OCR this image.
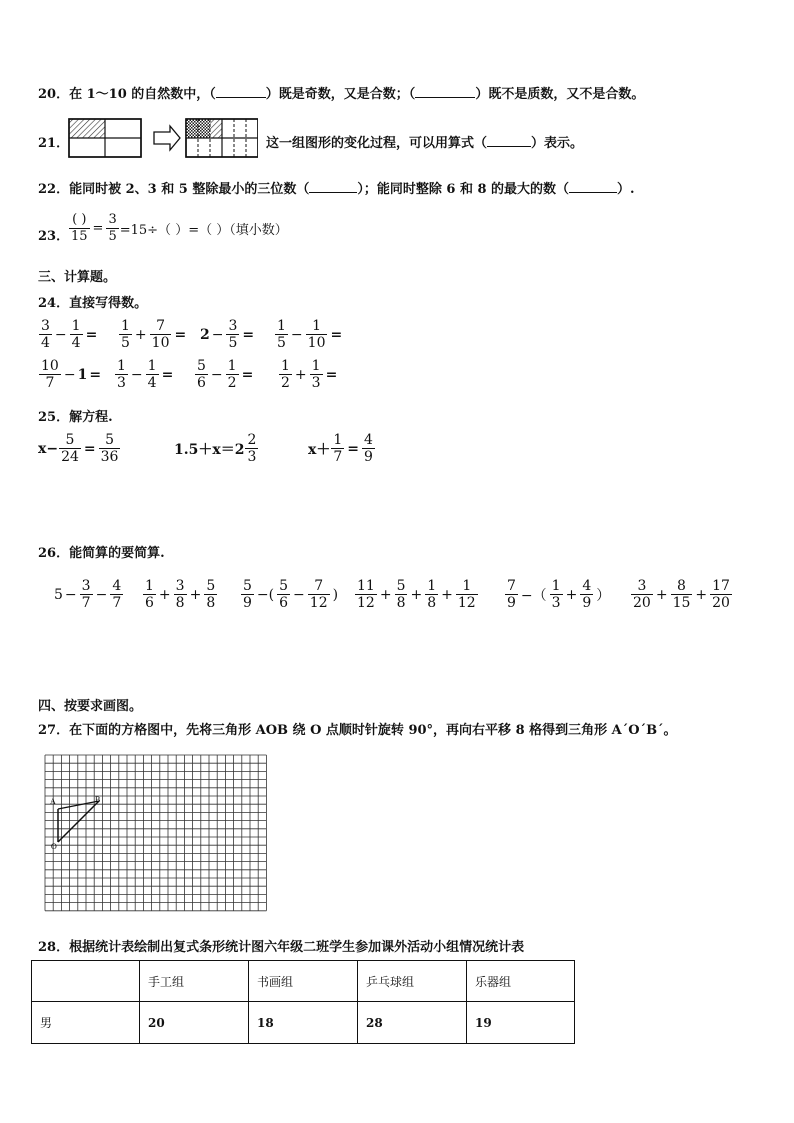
20．在 1～10 的自然数中，（	）既是奇数，又是合数；（	）既不是质数，又不是合数。
21．	这一组图形的变化过程，可以用算式（	）表示。
22．能同时被 2、3 和 5 整除最小的三位数（	）；能同时整除 6 和 8 的最大的数（	）.
23． $\frac{( )}{15} = \frac{3}{5} =15\div$（ ）=（ ）（填小数）
三、计算题。
24．直接写得数。
$\frac{3}{4} - \frac{1}{4} = \frac{1}{5} + \frac{7}{10} = 2 - \frac{3}{5} = \frac{1}{5} - \frac{1}{10}$ =
$\frac{10}{7} - 1 = \frac{1}{3} - \frac{1}{4} = \frac{5}{6} - \frac{1}{2} = \frac{1}{2} + \frac{1}{3}$ =
25．解方程.
$x- \frac{5}{24} = \frac{5}{36}$	$1.5+x=2 \frac{2}{3}$	$x+ \frac{1}{7} = \frac{4}{9}$
26．能简算的要简算.
$5 - \frac{3}{7} - \frac{4}{7} \frac{1}{6} + \frac{3}{8} + \frac{5}{8} \frac{5}{9}$ −( $\frac{5}{6} - \frac{7}{12}$ ) $\frac{11}{12} + \frac{5}{8} + \frac{1}{8} + \frac{1}{12} \frac{7}{9}$ −（ $\frac{1}{3} + \frac{4}{9}$ ） $\frac{3}{20} + \frac{8}{15} + \frac{17}{20}$
四、按要求画图。
27．在下面的方格图中，先将三角形 AOB 绕 O 点顺时针旋转 90°，再向右平移 8 格得到三角形 A´O´B´。
A	B
O
28．根据统计表绘制出复式条形统计图六年级二班学生参加课外活动小组情况统计表
	手工组	书画组	乒乓球组	乐器组
男	20	18	28	19
